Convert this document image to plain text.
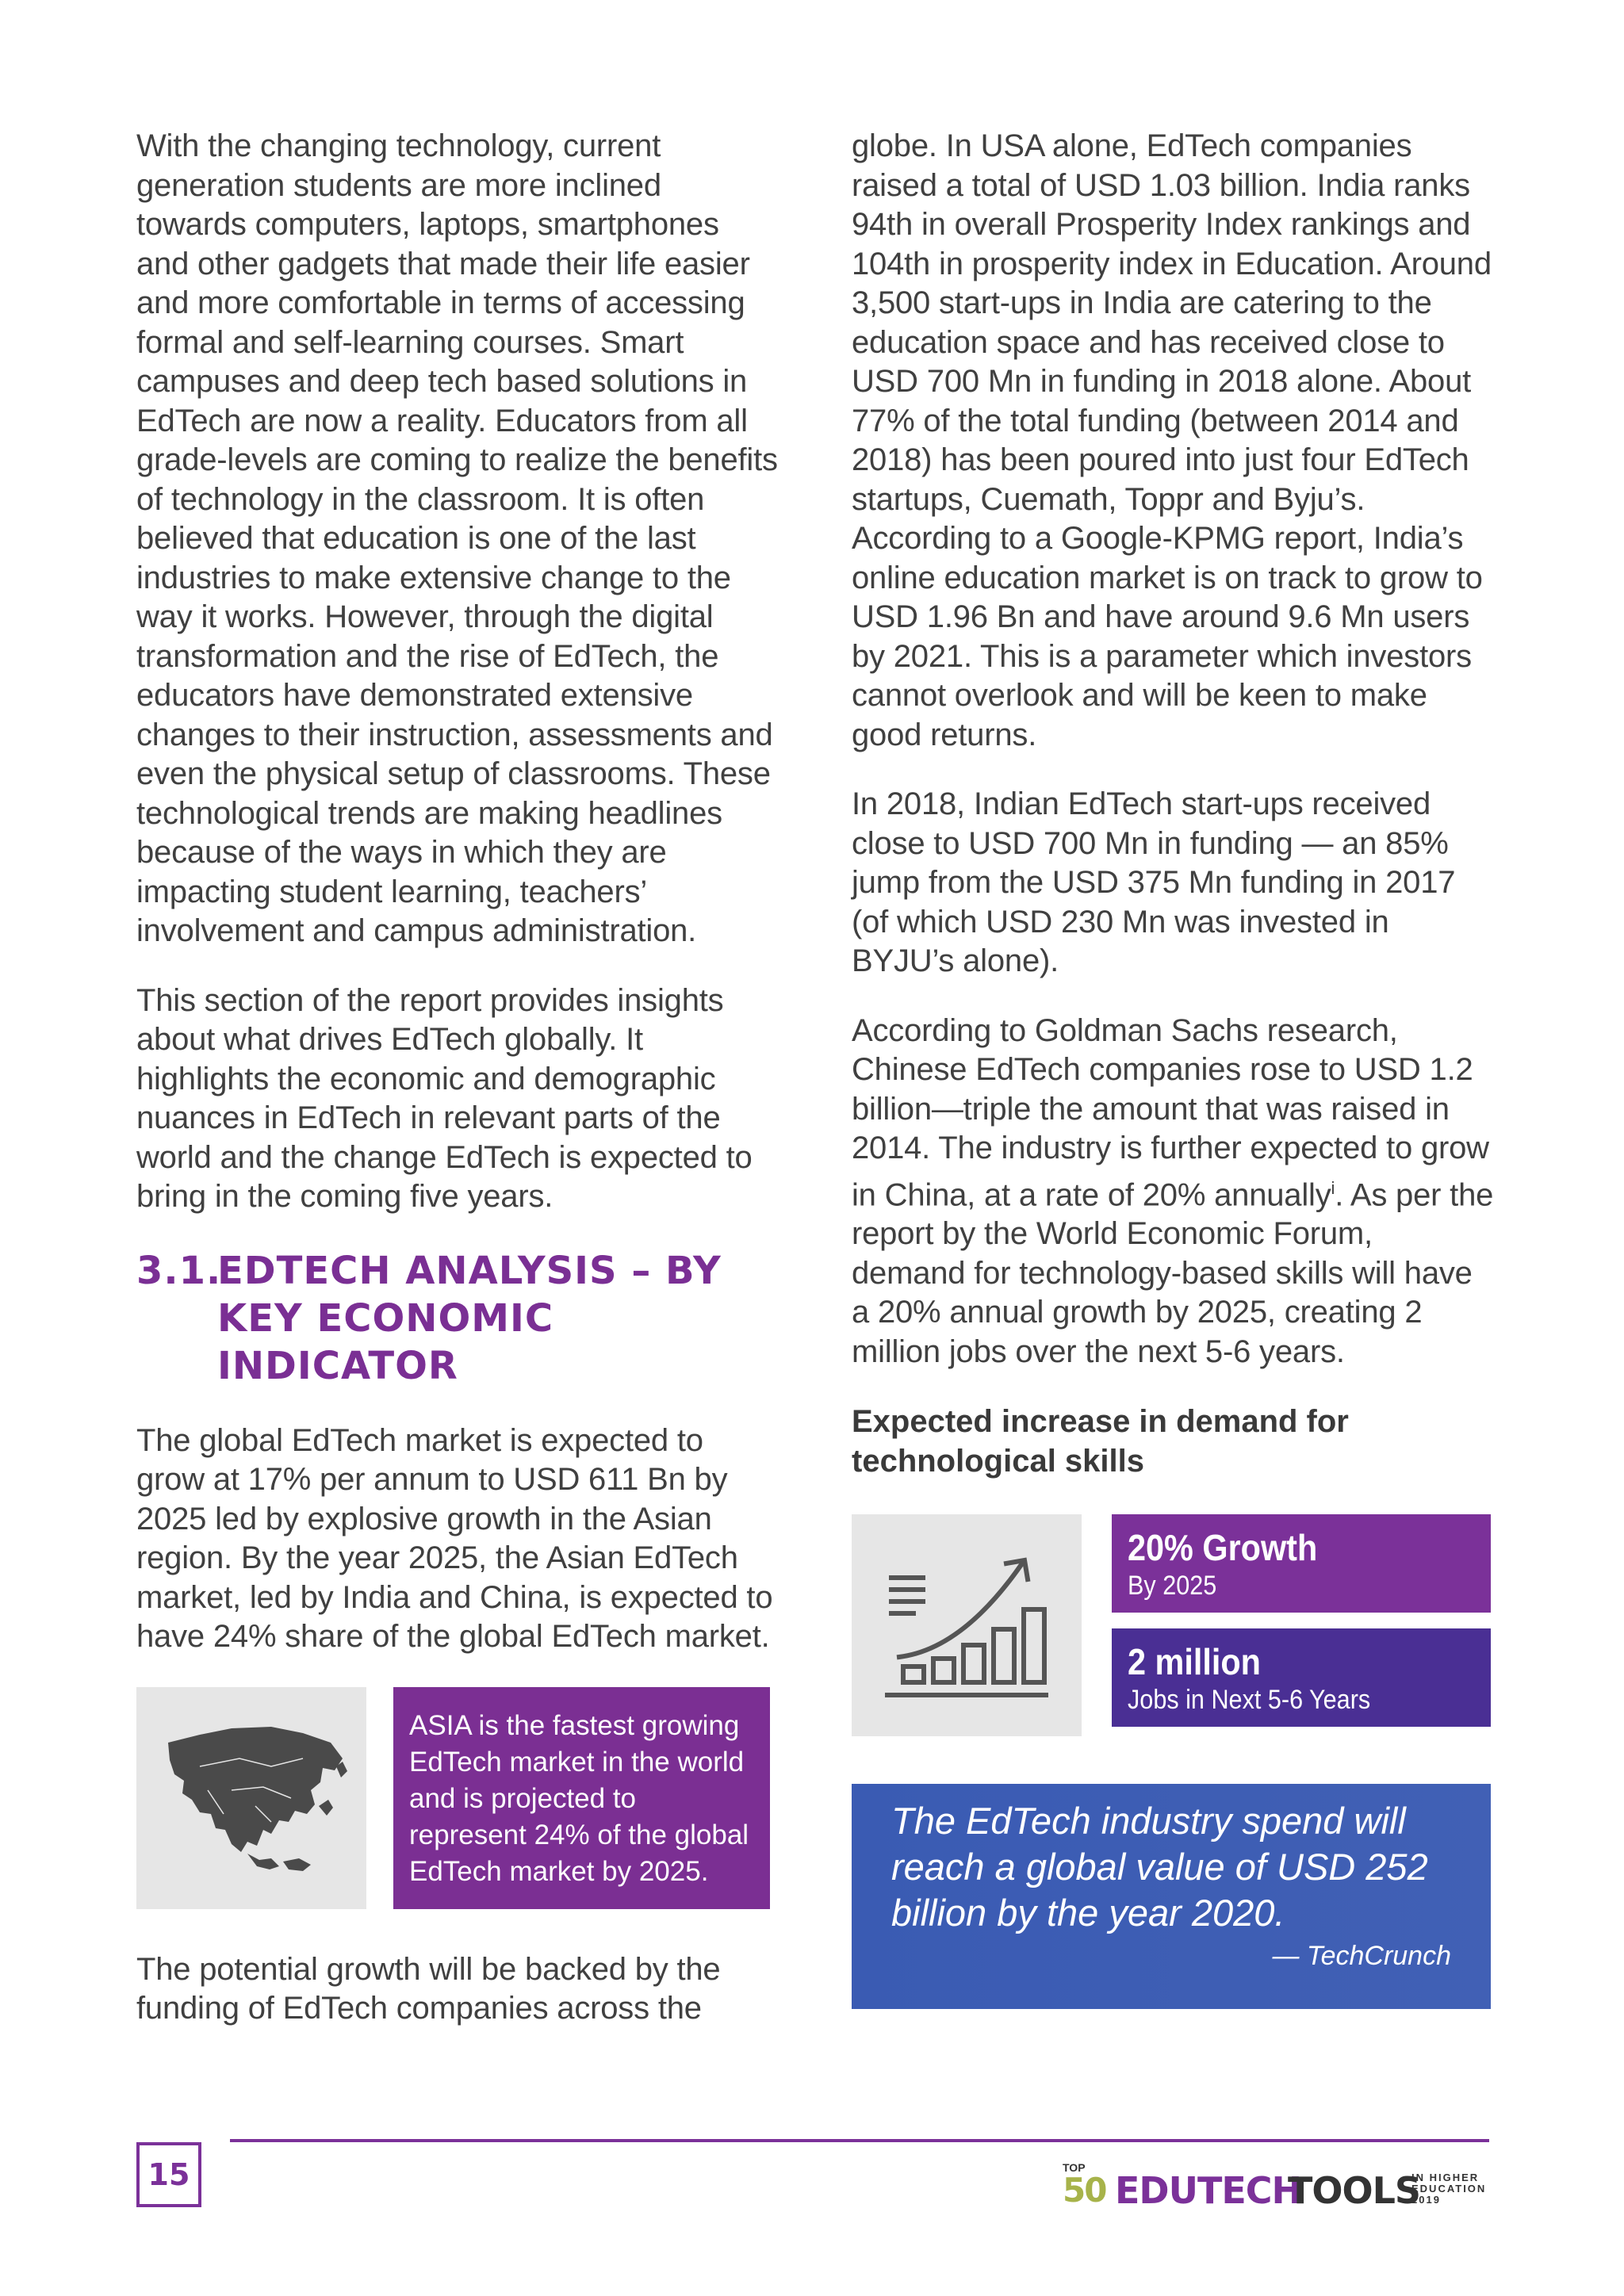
With the changing technology, current generation students are more inclined towards computers, laptops, smartphones and other gadgets that made their life easier and more comfortable in terms of accessing formal and self-learning courses. Smart campuses and deep tech based solutions in EdTech are now a reality. Educators from all grade-levels are coming to realize the benefits of technology in the classroom. It is often believed that education is one of the last industries to make extensive change to the way it works. However, through the digital transformation and the rise of EdTech, the educators have demonstrated extensive changes to their instruction, assessments and even the physical setup of classrooms. These technological trends are making headlines because of the ways in which they are impacting student learning, teachers’ involvement and campus administration.

This section of the report provides insights about what drives EdTech globally. It highlights the economic and demographic nuances in EdTech in relevant parts of the world and the change EdTech is expected to bring in the coming five years.

3.1.
EDTECH ANALYSIS – BY KEY ECONOMIC INDICATOR

The global EdTech market is expected to grow at 17% per annum to USD 611 Bn by 2025 led by explosive growth in the Asian region. By the year 2025, the Asian EdTech market, led by India and China, is expected to have 24% share of the global EdTech market.

ASIA is the fastest growing EdTech market in the world and is projected to represent 24% of the global EdTech market by 2025.

The potential growth will be backed by the funding of EdTech companies across the

globe. In USA alone, EdTech companies raised a total of USD 1.03 billion. India ranks 94th in overall Prosperity Index rankings and 104th in prosperity index in Education. Around 3,500 start-ups in India are catering to the education space and has received close to USD 700 Mn in funding in 2018 alone. About 77% of the total funding (between 2014 and 2018) has been poured into just four EdTech startups, Cuemath, Toppr and Byju’s. According to a Google-KPMG report, India’s online education market is on track to grow to USD 1.96 Bn and have around 9.6 Mn users by 2021. This is a parameter which investors cannot overlook and will be keen to make good returns.

In 2018, Indian EdTech start-ups received close to USD 700 Mn in funding — an 85% jump from the USD 375 Mn funding in 2017 (of which USD 230 Mn was invested in BYJU’s alone).

According to Goldman Sachs research, Chinese EdTech companies rose to USD 1.2 billion—triple the amount that was raised in 2014. The industry is further expected to grow in China, at a rate of 20% annually$^i$. As per the report by the World Economic Forum, demand for technology-based skills will have a 20% annual growth by 2025, creating 2 million jobs over the next 5-6 years.

Expected increase in demand for technological skills
20% Growth
By 2025
2 million
Jobs in Next 5-6 Years

The EdTech industry spend will reach a global value of USD 252 billion by the year 2020.

— TechCrunch
15	TOP
50 EDUTECH
TOOLS
IN HIGHER
EDUCATION
2019
